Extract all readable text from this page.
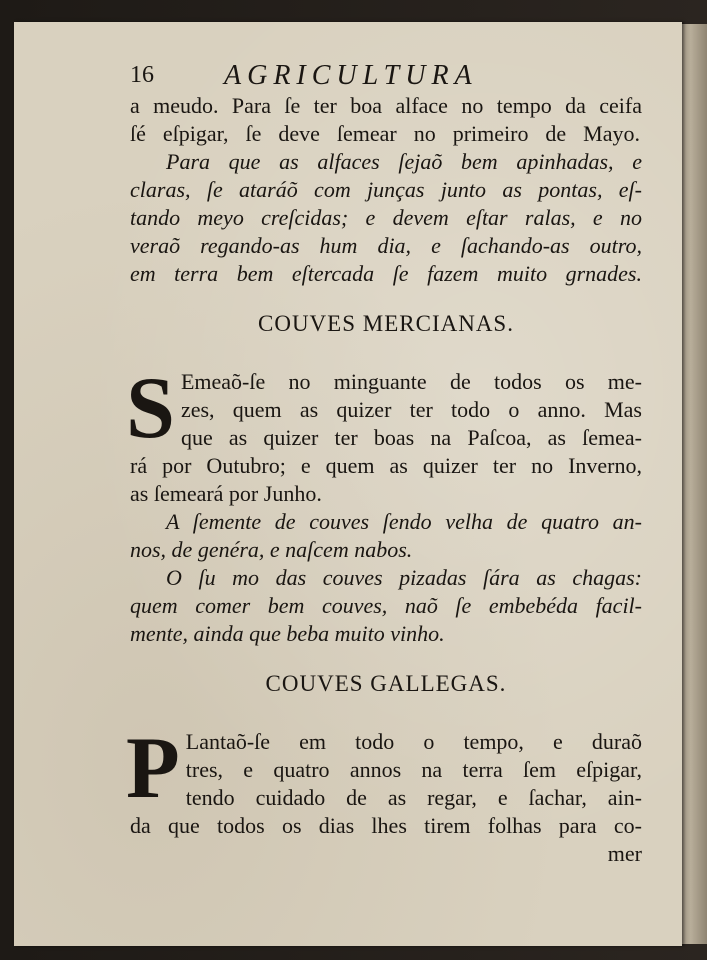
16	AGRICULTURA
a meudo. Para ſe ter boa alface no tempo da ceifa
ſé eſpigar, ſe deve ſemear no primeiro de Mayo.
Para que as alfaces ſejaõ bem apinhadas, e
claras, ſe ataráõ com junças junto as pontas, eſ-
tando meyo creſcidas; e devem eſtar ralas, e no
veraõ regando-as hum dia, e ſachando-as outro,
em terra bem eſtercada ſe fazem muito grnades.
COUVES MERCIANAS.
S Emeaõ-ſe no minguante de todos os me-
zes, quem as quizer ter todo o anno. Mas
que as quizer ter boas na Paſcoa, as ſemea-
rá por Outubro; e quem as quizer ter no Inverno,
as ſemeará por Junho.
A ſemente de couves ſendo velha de quatro an-
nos, de genéra, e naſcem nabos.
O ſu mo das couves pizadas ſára as chagas:
quem comer bem couves, naõ ſe embebéda facil-
mente, ainda que beba muito vinho.
COUVES GALLEGAS.
P Lantaõ-ſe em todo o tempo, e duraõ
tres, e quatro annos na terra ſem eſpigar,
tendo cuidado de as regar, e ſachar, ain-
da que todos os dias lhes tirem folhas para co-
mer
